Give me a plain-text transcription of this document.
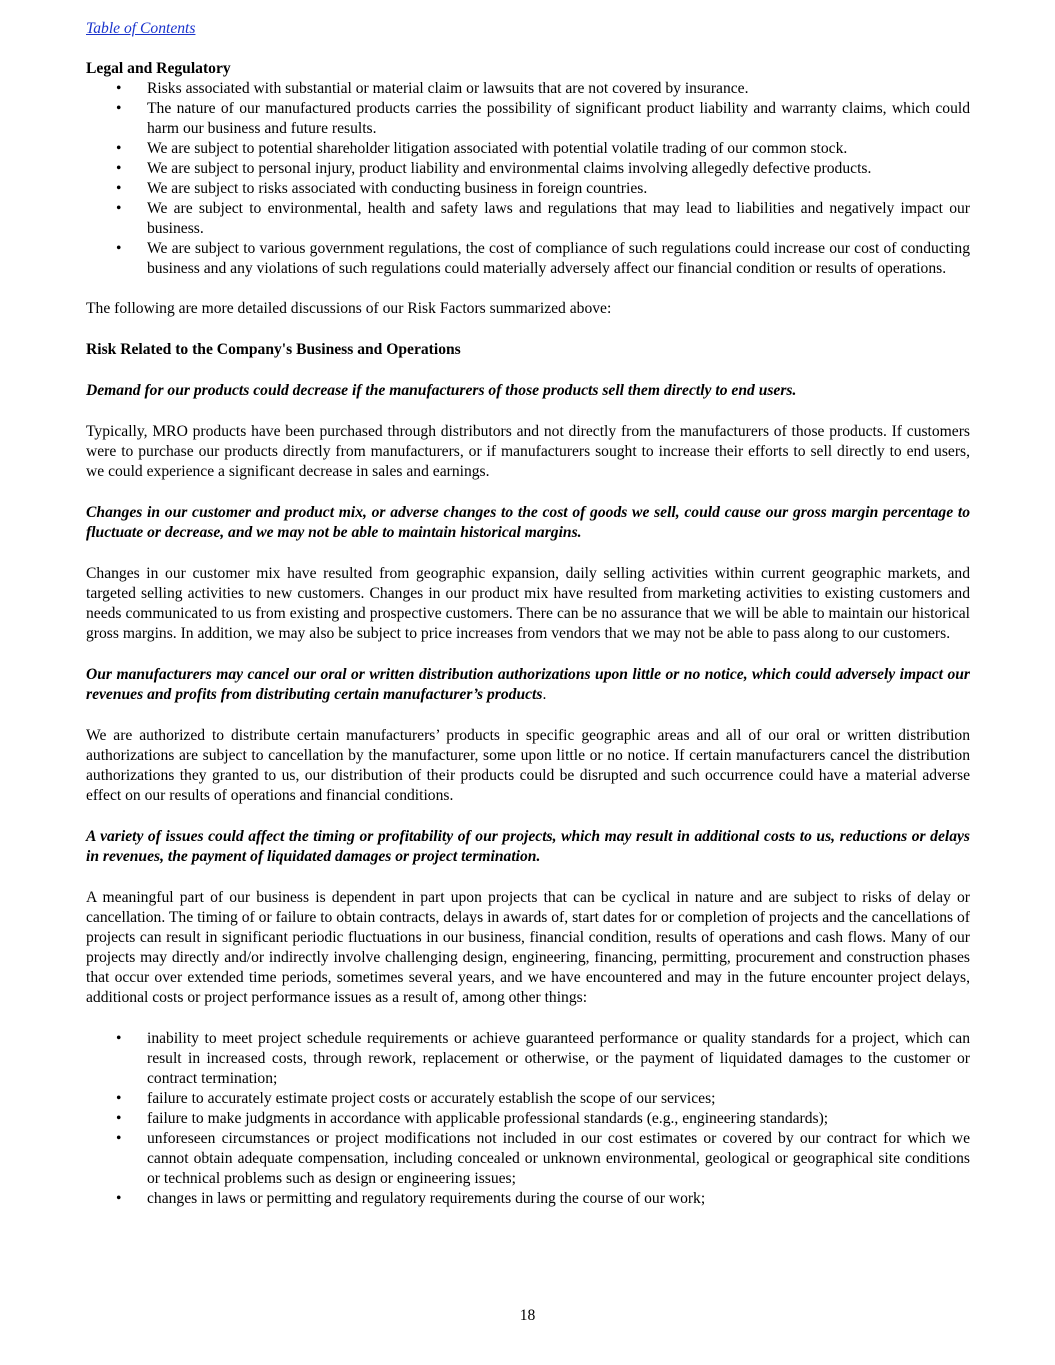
Table of Contents
Legal and Regulatory
• Risks associated with substantial or material claim or lawsuits that are not covered by insurance.
• The nature of our manufactured products carries the possibility of significant product liability and warranty claims, which could harm our business and future results.
• We are subject to potential shareholder litigation associated with potential volatile trading of our common stock.
• We are subject to personal injury, product liability and environmental claims involving allegedly defective products.
• We are subject to risks associated with conducting business in foreign countries.
• We are subject to environmental, health and safety laws and regulations that may lead to liabilities and negatively impact our business.
• We are subject to various government regulations, the cost of compliance of such regulations could increase our cost of conducting business and any violations of such regulations could materially adversely affect our financial condition or results of operations.

The following are more detailed discussions of our Risk Factors summarized above:

Risk Related to the Company's Business and Operations
Demand for our products could decrease if the manufacturers of those products sell them directly to end users.

Typically, MRO products have been purchased through distributors and not directly from the manufacturers of those products. If customers were to purchase our products directly from manufacturers, or if manufacturers sought to increase their efforts to sell directly to end users, we could experience a significant decrease in sales and earnings.

Changes in our customer and product mix, or adverse changes to the cost of goods we sell, could cause our gross margin percentage to fluctuate or decrease, and we may not be able to maintain historical margins.

Changes in our customer mix have resulted from geographic expansion, daily selling activities within current geographic markets, and targeted selling activities to new customers. Changes in our product mix have resulted from marketing activities to existing customers and needs communicated to us from existing and prospective customers. There can be no assurance that we will be able to maintain our historical gross margins. In addition, we may also be subject to price increases from vendors that we may not be able to pass along to our customers.

Our manufacturers may cancel our oral or written distribution authorizations upon little or no notice, which could adversely impact our revenues and profits from distributing certain manufacturer’s products.

We are authorized to distribute certain manufacturers’ products in specific geographic areas and all of our oral or written distribution authorizations are subject to cancellation by the manufacturer, some upon little or no notice. If certain manufacturers cancel the distribution authorizations they granted to us, our distribution of their products could be disrupted and such occurrence could have a material adverse effect on our results of operations and financial conditions.

A variety of issues could affect the timing or profitability of our projects, which may result in additional costs to us, reductions or delays in revenues, the payment of liquidated damages or project termination.

A meaningful part of our business is dependent in part upon projects that can be cyclical in nature and are subject to risks of delay or cancellation. The timing of or failure to obtain contracts, delays in awards of, start dates for or completion of projects and the cancellations of projects can result in significant periodic fluctuations in our business, financial condition, results of operations and cash flows. Many of our projects may directly and/or indirectly involve challenging design, engineering, financing, permitting, procurement and construction phases that occur over extended time periods, sometimes several years, and we have encountered and may in the future encounter project delays, additional costs or project performance issues as a result of, among other things:

• inability to meet project schedule requirements or achieve guaranteed performance or quality standards for a project, which can result in increased costs, through rework, replacement or otherwise, or the payment of liquidated damages to the customer or contract termination;
• failure to accurately estimate project costs or accurately establish the scope of our services;
• failure to make judgments in accordance with applicable professional standards (e.g., engineering standards);
• unforeseen circumstances or project modifications not included in our cost estimates or covered by our contract for which we cannot obtain adequate compensation, including concealed or unknown environmental, geological or geographical site conditions or technical problems such as design or engineering issues;
• changes in laws or permitting and regulatory requirements during the course of our work;
18
